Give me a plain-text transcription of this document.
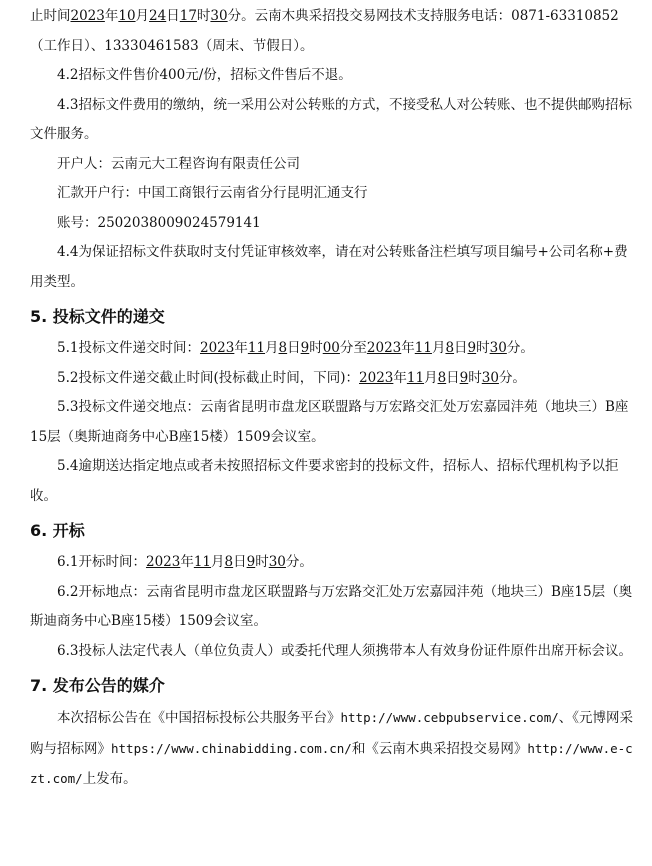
止时间2023年10月24日17时30分。云南木典采招投交易网技术支持服务电话：0871-63310852（工作日）、13330461583（周末、节假日）。

4.2招标文件售价400元/份，招标文件售后不退。

4.3招标文件费用的缴纳，统一采用公对公转账的方式，不接受私人对公转账、也不提供邮购招标文件服务。

开户人：云南元大工程咨询有限责任公司

汇款开户行：中国工商银行云南省分行昆明汇通支行

账号：2502038009024579141

4.4为保证招标文件获取时支付凭证审核效率，请在对公转账备注栏填写项目编号+公司名称+费用类型。

5. 投标文件的递交

5.1投标文件递交时间：2023年11月8日9时00分至2023年11月8日9时30分。

5.2投标文件递交截止时间(投标截止时间，下同)：2023年11月8日9时30分。

5.3投标文件递交地点：云南省昆明市盘龙区联盟路与万宏路交汇处万宏嘉园沣苑（地块三）B座15层（奥斯迪商务中心B座15楼）1509会议室。

5.4逾期送达指定地点或者未按照招标文件要求密封的投标文件，招标人、招标代理机构予以拒收。

6. 开标

6.1开标时间：2023年11月8日9时30分。

6.2开标地点：云南省昆明市盘龙区联盟路与万宏路交汇处万宏嘉园沣苑（地块三）B座15层（奥斯迪商务中心B座15楼）1509会议室。

6.3投标人法定代表人（单位负责人）或委托代理人须携带本人有效身份证件原件出席开标会议。

7. 发布公告的媒介

本次招标公告在《中国招标投标公共服务平台》http://www.cebpubservice.com/、《元博网采购与招标网》https://www.chinabidding.com.cn/和《云南木典采招投交易网》http://www.e-czt.com/上发布。
